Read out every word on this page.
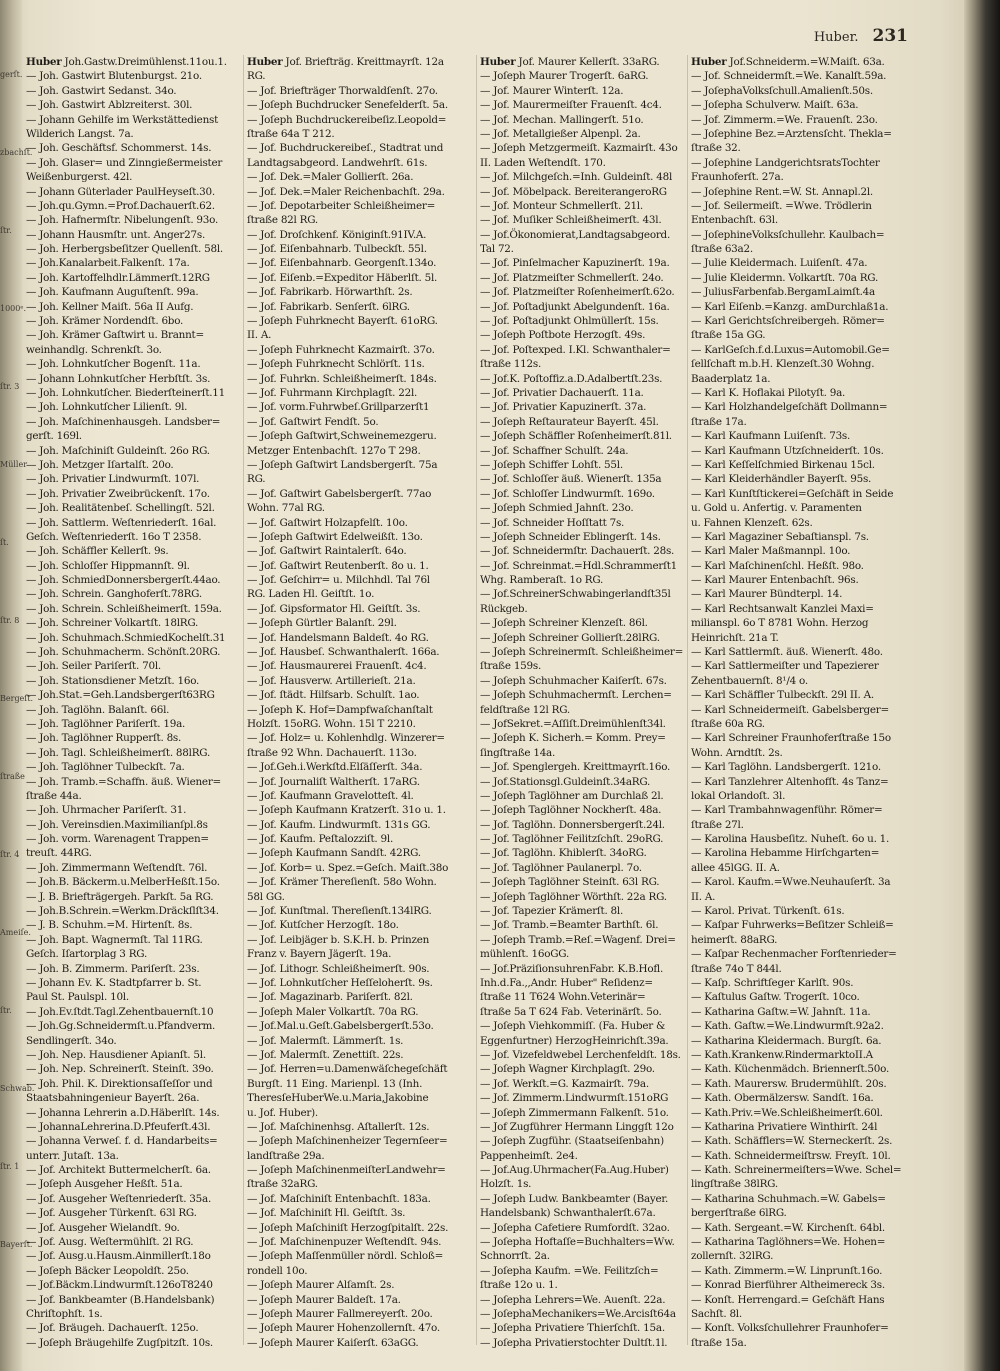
gerſt.
zbachſt.
ſtr.
1000ᵉ.
ſtr. 3
Müller
ſt.
ſtr. 8
Bergeſt.
ſtraße
ſtr. 4
Ameiſe.
ſtr.
Schwab.
ſtr. 1
Bayerſt.
Huber. 231
Huber Joh.Gastw.Dreimühlenst.11ou.1.
— Joh. Gastwirt Blutenburgst. 21o.
— Joh. Gastwirt Sedanst. 34o.
— Joh. Gastwirt Ablzreiterst. 30l.
— Johann Gehilfe im Werkstättedienst
Wilderich Langst. 7a.
— Joh. Geschäftsf. Schommerst. 14s.
— Joh. Glaser= und Zinngießermeister
Weißenburgerst. 42l.
— Johann Güterlader PaulHeyseſt.30.
— Joh.qu.Gymn.=Prof.Dachauerſt.62.
— Joh. Hafnermſtr. Nibelungenſt. 93o.
— Johann Hausmſtr. unt. Anger27s.
— Joh. Herbergsbeſitzer Quellenſt. 58l.
— Joh.Kanalarbeit.Falkenſt. 17a.
— Joh. Kartoffelhdlr.Lämmerſt.12RG
— Joh. Kaufmann Auguſtenſt. 99a.
— Joh. Kellner Maiſt. 56a II Aufg.
— Joh. Krämer Nordendſt. 6bo.
— Joh. Krämer Gaſtwirt u. Brannt=
weinhandlg. Schrenkſt. 3o.
— Joh. Lohnkutſcher Bogenſt. 11a.
— Johann Lohnkutſcher Herbſtſt. 3s.
— Joh. Lohnkutſcher. Biederſteinerſt.11
— Joh. Lohnkutſcher Lilienſt. 9l.
— Joh. Maſchinenhausgeh. Landsber=
gerſt. 169l.
— Joh. Maſchiniſt Guldeinſt. 26o RG.
— Joh. Metzger Iſartalſt. 20o.
— Joh. Privatier Lindwurmſt. 107l.
— Joh. Privatier Zweibrückenſt. 17o.
— Joh. Realitätenbeſ. Schellingſt. 52l.
— Joh. Sattlerm. Weſtenriederſt. 16al.
Geſch. Weſtenriederſt. 16o T 2358.
— Joh. Schäffler Kellerſt. 9s.
— Joh. Schloſſer Hippmannſt. 9l.
— Joh. SchmiedDonnersbergerſt.44ao.
— Joh. Schrein. Ganghoferſt.78RG.
— Joh. Schrein. Schleißheimerſt. 159a.
— Joh. Schreiner Volkartſt. 18lRG.
— Joh. Schuhmach.SchmiedKochelſt.31
— Joh. Schuhmacherm. Schönſt.20RG.
— Joh. Seiler Pariſerſt. 70l.
— Joh. Stationsdiener Metzſt. 16o.
— Joh.Stat.=Geh.Landsbergerſt63RG
— Joh. Taglöhn. Balanſt. 66l.
— Joh. Taglöhner Pariſerſt. 19a.
— Joh. Taglöhner Rupperſt. 8s.
— Joh. Tagl. Schleißheimerſt. 88lRG.
— Joh. Taglöhner Tulbeckſt. 7a.
— Joh. Tramb.=Schaffn. äuß. Wiener=
ſtraße 44a.
— Joh. Uhrmacher Pariſerſt. 31.
— Joh. Vereinsdien.Maximilianſpl.8s
— Joh. vorm. Warenagent Trappen=
treuſt. 44RG.
— Joh. Zimmermann Weſtendſt. 76l.
— Joh.B. Bäckerm.u.MelberHeßſt.15o.
— J. B. Briefträgergeh. Parkſt. 5a RG.
— Joh.B.Schrein.=Werkm.Dräckſlſt34.
— J. B. Schuhm.=M. Hirtenſt. 8s.
— Joh. Bapt. Wagnermſt. Tal 11RG.
Geſch. Iſartorplag 3 RG.
— Joh. B. Zimmerm. Pariſerſt. 23s.
— Johann Ev. K. Stadtpfarrer b. St.
Paul St. Paulspl. 10l.
— Joh.Ev.ſtdt.Tagl.Zehentbauernſt.10
— Joh.Gg.Schneidermſt.u.Pfandverm.
Sendlingerſt. 34o.
— Joh. Nep. Hausdiener Apianſt. 5l.
— Joh. Nep. Schreinerſt. Steinſt. 39o.
— Joh. Phil. K. Direktionsaſſeſſor und
Staatsbahningenieur Bayerſt. 26a.
— Johanna Lehrerin a.D.Häberlſt. 14s.
— JohannaLehrerina.D.Pfeuferſt.43l.
— Johanna Verweſ. f. d. Handarbeits=
unterr. Jutaſt. 13a.
— Jof. Architekt Buttermelcherſt. 6a.
— Joſeph Ausgeher Heßſt. 51a.
— Jof. Ausgeher Weſtenriederſt. 35a.
— Jof. Ausgeher Türkenſt. 63l RG.
— Jof. Ausgeher Wielandſt. 9o.
— Jof. Ausg. Weſtermühlſt. 2l RG.
— Jof. Ausg.u.Hausm.Ainmillerſt.18o
— Joſeph Bäcker Leopoldſt. 25o.
— Jof.Bäckm.Lindwurmſt.126oT8240
— Jof. Bankbeamter (B.Handelsbank)
Chriſtophſt. 1s.
— Jof. Bräugeh. Dachauerſt. 125o.
— Joſeph Bräugehilfe Zugſpitzſt. 10s.
Huber Jof. Briefträg. Kreittmayrſt. 12a
RG.
— Jof. Briefträger Thorwaldſenſt. 27o.
— Joſeph Buchdrucker Senefelderſt. 5a.
— Joſeph Buchdruckereibeſiz.Leopold=
ſtraße 64a T 212.
— Jof. Buchdruckereibeſ., Stadtrat und
Landtagsabgeord. Landwehrſt. 61s.
— Jof. Dek.=Maler Gollierſt. 26a.
— Jof. Dek.=Maler Reichenbachſt. 29a.
— Jof. Depotarbeiter Schleißheimer=
ſtraße 82l RG.
— Jof. Droſchkenf. Königinſt.91IV.A.
— Jof. Eiſenbahnarb. Tulbeckſt. 55l.
— Jof. Eiſenbahnarb. Georgenſt.134o.
— Jof. Eiſenb.=Expeditor Häberlſt. 5l.
— Jof. Fabrikarb. Hörwarthſt. 2s.
— Jof. Fabrikarb. Senſerſt. 6lRG.
— Joſeph Fuhrknecht Bayerſt. 61oRG.
II. A.
— Joſeph Fuhrknecht Kazmairſt. 37o.
— Joſeph Fuhrknecht Schlörſt. 11s.
— Jof. Fuhrkn. Schleißheimerſt. 184s.
— Jof. Fuhrmann Kirchplagſt. 22l.
— Jof. vorm.Fuhrwbeſ.Grillparzerſt1
— Jof. Gaſtwirt Fendſt. 5o.
— Joſeph Gaſtwirt,Schweinemezgeru.
Metzger Entenbachſt. 127o T 298.
— Joſeph Gaſtwirt Landsbergerſt. 75a
RG.
— Jof. Gaſtwirt Gabelsbergerſt. 77ao
Wohn. 77al RG.
— Jof. Gaſtwirt Holzapfelſt. 10o.
— Joſeph Gaſtwirt Edelweißſt. 13o.
— Jof. Gaſtwirt Raintalerſt. 64o.
— Jof. Gaſtwirt Reutenberſt. 8o u. 1.
— Jof. Geſchirr= u. Milchhdl. Tal 76l
RG. Laden Hl. Geiſtſt. 1o.
— Jof. Gipsformator Hl. Geiſtſt. 3s.
— Joſeph Gürtler Balanſt. 29l.
— Jof. Handelsmann Baldeſt. 4o RG.
— Jof. Hausbeſ. Schwanthalerſt. 166a.
— Jof. Hausmaurerei Frauenſt. 4c4.
— Jof. Hausverw. Artillerieſt. 21a.
— Jof. ſtädt. Hilfsarb. Schulſt. 1ao.
— Joſeph K. Hof=Dampfwaſchanſtalt
Holzſt. 15oRG. Wohn. 15l T 2210.
— Jof. Holz= u. Kohlenhdlg. Winzerer=
ſtraße 92 Whn. Dachauerſt. 113o.
— Jof.Geh.i.Werkſtd.Elſäſſerſt. 34a.
— Jof. Journaliſt Waltherſt. 17aRG.
— Jof. Kaufmann Gravelotteſt. 4l.
— Joſeph Kaufmann Kratzerſt. 31o u. 1.
— Jof. Kaufm. Lindwurmſt. 131s GG.
— Jof. Kaufm. Peſtalozziſt. 9l.
— Joſeph Kaufmann Sandſt. 42RG.
— Jof. Korb= u. Spez.=Geſch. Maiſt.38o
— Jof. Krämer Thereſienſt. 58o Wohn.
58l GG.
— Jof. Kunſtmal. Thereſienſt.134lRG.
— Jof. Kutſcher Herzogſt. 18o.
— Jof. Leibjäger b. S.K.H. b. Prinzen
Franz v. Bayern Jägerſt. 19a.
— Jof. Lithogr. Schleißheimerſt. 90s.
— Jof. Lohnkutſcher Heſſeloherſt. 9s.
— Jof. Magazinarb. Pariſerſt. 82l.
— Joſeph Maler Volkartſt. 70a RG.
— Jof.Mal.u.Geſt.Gabelsbergerſt.53o.
— Jof. Malermſt. Lämmerſt. 1s.
— Jof. Malermſt. Zenettiſt. 22s.
— Jof. Herren=u.Damenwäſchegeſchäft
Burgſt. 11 Eing. Marienpl. 13 (Inh.
TheresſeHuberWe.u.Maria,Jakobine
u. Jof. Huber).
— Jof. Maſchinenhsg. Aſtallerſt. 12s.
— Joſeph Maſchinenheizer Tegernſeer=
landſtraße 29a.
— Joſeph MaſchinenmeiſterLandwehr=
ſtraße 32aRG.
— Jof. Maſchiniſt Entenbachſt. 183a.
— Jof. Maſchiniſt Hl. Geiſtſt. 3s.
— Joſeph Maſchiniſt Herzogſpitalſt. 22s.
— Jof. Maſchinenpuzer Weſtendſt. 94s.
— Joſeph Maſſenmüller nördl. Schloß=
rondell 10o.
— Joſeph Maurer Alſamſt. 2s.
— Joſeph Maurer Baldeſt. 17a.
— Joſeph Maurer Fallmereyerſt. 20o.
— Joſeph Maurer Hohenzollernſt. 47o.
— Joſeph Maurer Kaiſerſt. 63aGG.
Huber Jof. Maurer Kellerſt. 33aRG.
— Joſeph Maurer Trogerſt. 6aRG.
— Jof. Maurer Winterſt. 12a.
— Jof. Maurermeiſter Frauenſt. 4c4.
— Jof. Mechan. Mallingerſt. 51o.
— Jof. Metallgießer Alpenpl. 2a.
— Joſeph Metzgermeiſt. Kazmairſt. 43o
II. Laden Weſtendſt. 170.
— Jof. Milchgeſch.=Inh. Guldeinſt. 48l
— Jof. Möbelpack. BereiterangeroRG
— Jof. Monteur Schmellerſt. 21l.
— Jof. Muſiker Schleißheimerſt. 43l.
— Jof.Ökonomierat,Landtagsabgeord.
Tal 72.
— Jof. Pinſelmacher Kapuzinerſt. 19a.
— Jof. Platzmeiſter Schmellerſt. 24o.
— Jof. Platzmeiſter Roſenheimerſt.62o.
— Jof. Poſtadjunkt Abelgundenſt. 16a.
— Jof. Poſtadjunkt Ohlmüllerſt. 15s.
— Joſeph Poſtbote Herzogſt. 49s.
— Jof. Poſtexped. I.Kl. Schwanthaler=
ſtraße 112s.
— Jof.K. Poſtoffiz.a.D.Adalbertſt.23s.
— Jof. Privatier Dachauerſt. 11a.
— Jof. Privatier Kapuzinerſt. 37a.
— Joſeph Reſtaurateur Bayerſt. 45l.
— Joſeph Schäffler Roſenheimerſt.81l.
— Jof. Schaffner Schulſt. 24a.
— Joſeph Schiffer Lohſt. 55l.
— Jof. Schloſſer äuß. Wienerſt. 135a
— Jof. Schloſſer Lindwurmſt. 169o.
— Joſeph Schmied Jahnſt. 23o.
— Jof. Schneider Hoſſtatt 7s.
— Joſeph Schneider Eblingerſt. 14s.
— Jof. Schneidermſtr. Dachauerſt. 28s.
— Jof. Schreinmat.=Hdl.Schrammerſt1
Whg. Ramberaſt. 1o RG.
— Jof.SchreinerSchwabingerlandſt35l
Rückgeb.
— Joſeph Schreiner Klenzeſt. 86l.
— Joſeph Schreiner Gollierſt.28lRG.
— Joſeph Schreinermſt. Schleißheimer=
ſtraße 159s.
— Joſeph Schuhmacher Kaiſerſt. 67s.
— Joſeph Schuhmachermſt. Lerchen=
feldſtraße 12l RG.
— JofSekret.=Aſſiſt.Dreimühlenſt34l.
— Joſeph K. Sicherh.= Komm. Prey=
ſingſtraße 14a.
— Jof. Spenglergeh. Kreittmayrſt.16o.
— Jof.Stationsgl.Guldeinſt.34aRG.
— Joſeph Taglöhner am Durchlaß 2l.
— Joſeph Taglöhner Nockherſt. 48a.
— Jof. Taglöhn. Donnersbergerſt.24l.
— Jof. Taglöhner Feilitzſchſt. 29oRG.
— Jof. Taglöhn. Khiblerſt. 34oRG.
— Jof. Taglöhner Paulanerpl. 7o.
— Joſeph Taglöhner Steinſt. 63l RG.
— Joſeph Taglöhner Wörthſt. 22a RG.
— Jof. Tapezier Krämerſt. 8l.
— Jof. Tramb.=Beamter Barthſt. 6l.
— Joſeph Tramb.=Reſ.=Wagenf. Drei=
mühlenſt. 16oGG.
— Jof.PräziſionsuhrenFabr. K.B.Hofl.
Inh.d.Fa.,,Andr. Huber" Reſidenz=
ſtraße 11 T624 Wohn.Veterinär=
ſtraße 5a T 624 Fab. Veterinärſt. 5o.
— Joſeph Viehkommiſſ. (Fa. Huber &
Eggenfurtner) HerzogHeinrichſt.39a.
— Jof. Vizefeldwebel Lerchenfeldſt. 18s.
— Joſeph Wagner Kirchplagſt. 29o.
— Jof. Werkſt.=G. Kazmairſt. 79a.
— Jof. Zimmerm.Lindwurmſt.151oRG
— Joſeph Zimmermann Falkenſt. 51o.
— Jof Zugführer Hermann Linggſt 12o
— Joſeph Zugführ. (Staatseiſenbahn)
Pappenheimſt. 2e4.
— Jof.Aug.Uhrmacher(Fa.Aug.Huber)
Holzſt. 1s.
— Joſeph Ludw. Bankbeamter (Bayer.
Handelsbank) Schwanthalerſt.67a.
— Joſepha Cafetiere Rumfordſt. 32ao.
— Joſepha Hoftaſſe=Buchhalters=Ww.
Schnorrſt. 2a.
— Joſepha Kaufm. =We. Feilitzſch=
ſtraße 12o u. 1.
— Joſepha Lehrers=We. Auenſt. 22a.
— JoſephaMechanikers=We.Arcisſt64a
— Joſepha Privatiere Thierſchſt. 15a.
— Joſepha Privatierstochter Dultſt.1l.
Huber Jof.Schneiderm.=W.Maiſt. 63a.
— Jof. Schneidermſt.=We. Kanalſt.59a.
— JoſephaVolksſchull.Amalienſt.50s.
— Joſepha Schulverw. Maiſt. 63a.
— Jof. Zimmerm.=We. Frauenſt. 23o.
— Joſephine Bez.=Arztensſcht. Thekla=
ſtraße 32.
— Joſephine LandgerichtsratsTochter
Fraunhoferſt. 27a.
— Joſephine Rent.=W. St. Annapl.2l.
— Jof. Seilermeiſt. =Wwe. Trödlerin
Entenbachſt. 63l.
— JoſephineVolksſchullehr. Kaulbach=
ſtraße 63a2.
— Julie Kleidermach. Luiſenſt. 47a.
— Julie Kleidermn. Volkartſt. 70a RG.
— JuliusFarbenfab.BergamLaimſt.4a
— Karl Eiſenb.=Kanzg. amDurchlaß1a.
— Karl Gerichtsſchreibergeh. Römer=
ſtraße 15a GG.
— KarlGeſch.f.d.Luxus=Automobil.Ge=
ſellſchaft m.b.H. Klenzeſt.30 Wohng.
Baaderplatz 1a.
— Karl K. Hoflakai Pilotyſt. 9a.
— Karl Holzhandelgeſchäft Dollmann=
ſtraße 17a.
— Karl Kaufmann Luiſenſt. 73s.
— Karl Kaufmann Utzſchneiderſt. 10s.
— Karl Keſſelſchmied Birkenau 15cl.
— Karl Kleiderhändler Bayerſt. 95s.
— Karl Kunſtſtickerei=Geſchäft in Seide
u. Gold u. Anfertig. v. Paramenten
u. Fahnen Klenzeſt. 62s.
— Karl Magaziner Sebaſtianspl. 7s.
— Karl Maler Maßmannpl. 10o.
— Karl Maſchinenſchl. Heßſt. 98o.
— Karl Maurer Entenbachſt. 96s.
— Karl Maurer Bündterpl. 14.
— Karl Rechtsanwalt Kanzlei Maxi=
milianspl. 6o T 8781 Wohn. Herzog
Heinrichſt. 21a T.
— Karl Sattlermſt. äuß. Wienerſt. 48o.
— Karl Sattlermeiſter und Tapezierer
Zehentbauernſt. 8¹/4 o.
— Karl Schäffler Tulbeckſt. 29l II. A.
— Karl Schneidermeiſt. Gabelsberger=
ſtraße 60a RG.
— Karl Schreiner Fraunhoferſtraße 15o
Wohn. Arndtſt. 2s.
— Karl Taglöhn. Landsbergerſt. 121o.
— Karl Tanzlehrer Altenhofſt. 4s Tanz=
lokal Orlandoſt. 3l.
— Karl Trambahnwagenführ. Römer=
ſtraße 27l.
— Karolina Hausbeſitz. Nuheſt. 6o u. 1.
— Karolina Hebamme Hirſchgarten=
allee 45lGG. II. A.
— Karol. Kaufm.=Wwe.Neuhauſerſt. 3a
II. A.
— Karol. Privat. Türkenſt. 61s.
— Kaſpar Fuhrwerks=Beſitzer Schleiß=
heimerſt. 88aRG.
— Kaſpar Rechenmacher Forſtenrieder=
ſtraße 74o T 844l.
— Kaſp. Schriftſeger Karlſt. 90s.
— Kaſtulus Gaſtw. Trogerſt. 10co.
— Katharina Gaſtw.=W. Jahnſt. 11a.
— Kath. Gaſtw.=We.Lindwurmſt.92a2.
— Katharina Kleidermach. Burgſt. 6a.
— Kath.Krankenw.RindermarktoII.A
— Kath. Küchenmädch. Briennerſt.50o.
— Kath. Maurersw. Brudermühlſt. 20s.
— Kath. Obermälzersw. Sandſt. 16a.
— Kath.Priv.=We.Schleißheimerſt.60l.
— Katharina Privatiere Winthirſt. 24l
— Kath. Schäfflers=W. Sterneckerſt. 2s.
— Kath. Schneidermeiſtrsw. Freyſt. 10l.
— Kath. Schreinermeiſters=Wwe. Schel=
lingſtraße 38lRG.
— Katharina Schuhmach.=W. Gabels=
bergerſtraße 6lRG.
— Kath. Sergeant.=W. Kirchenſt. 64bl.
— Katharina Taglöhners=We. Hohen=
zollernſt. 32lRG.
— Kath. Zimmerm.=W. Linprunſt.16o.
— Konrad Bierführer Altheimereck 3s.
— Konſt. Herrengard.= Geſchäft Hans
Sachſt. 8l.
— Konſt. Volksſchullehrer Fraunhofer=
ſtraße 15a.
